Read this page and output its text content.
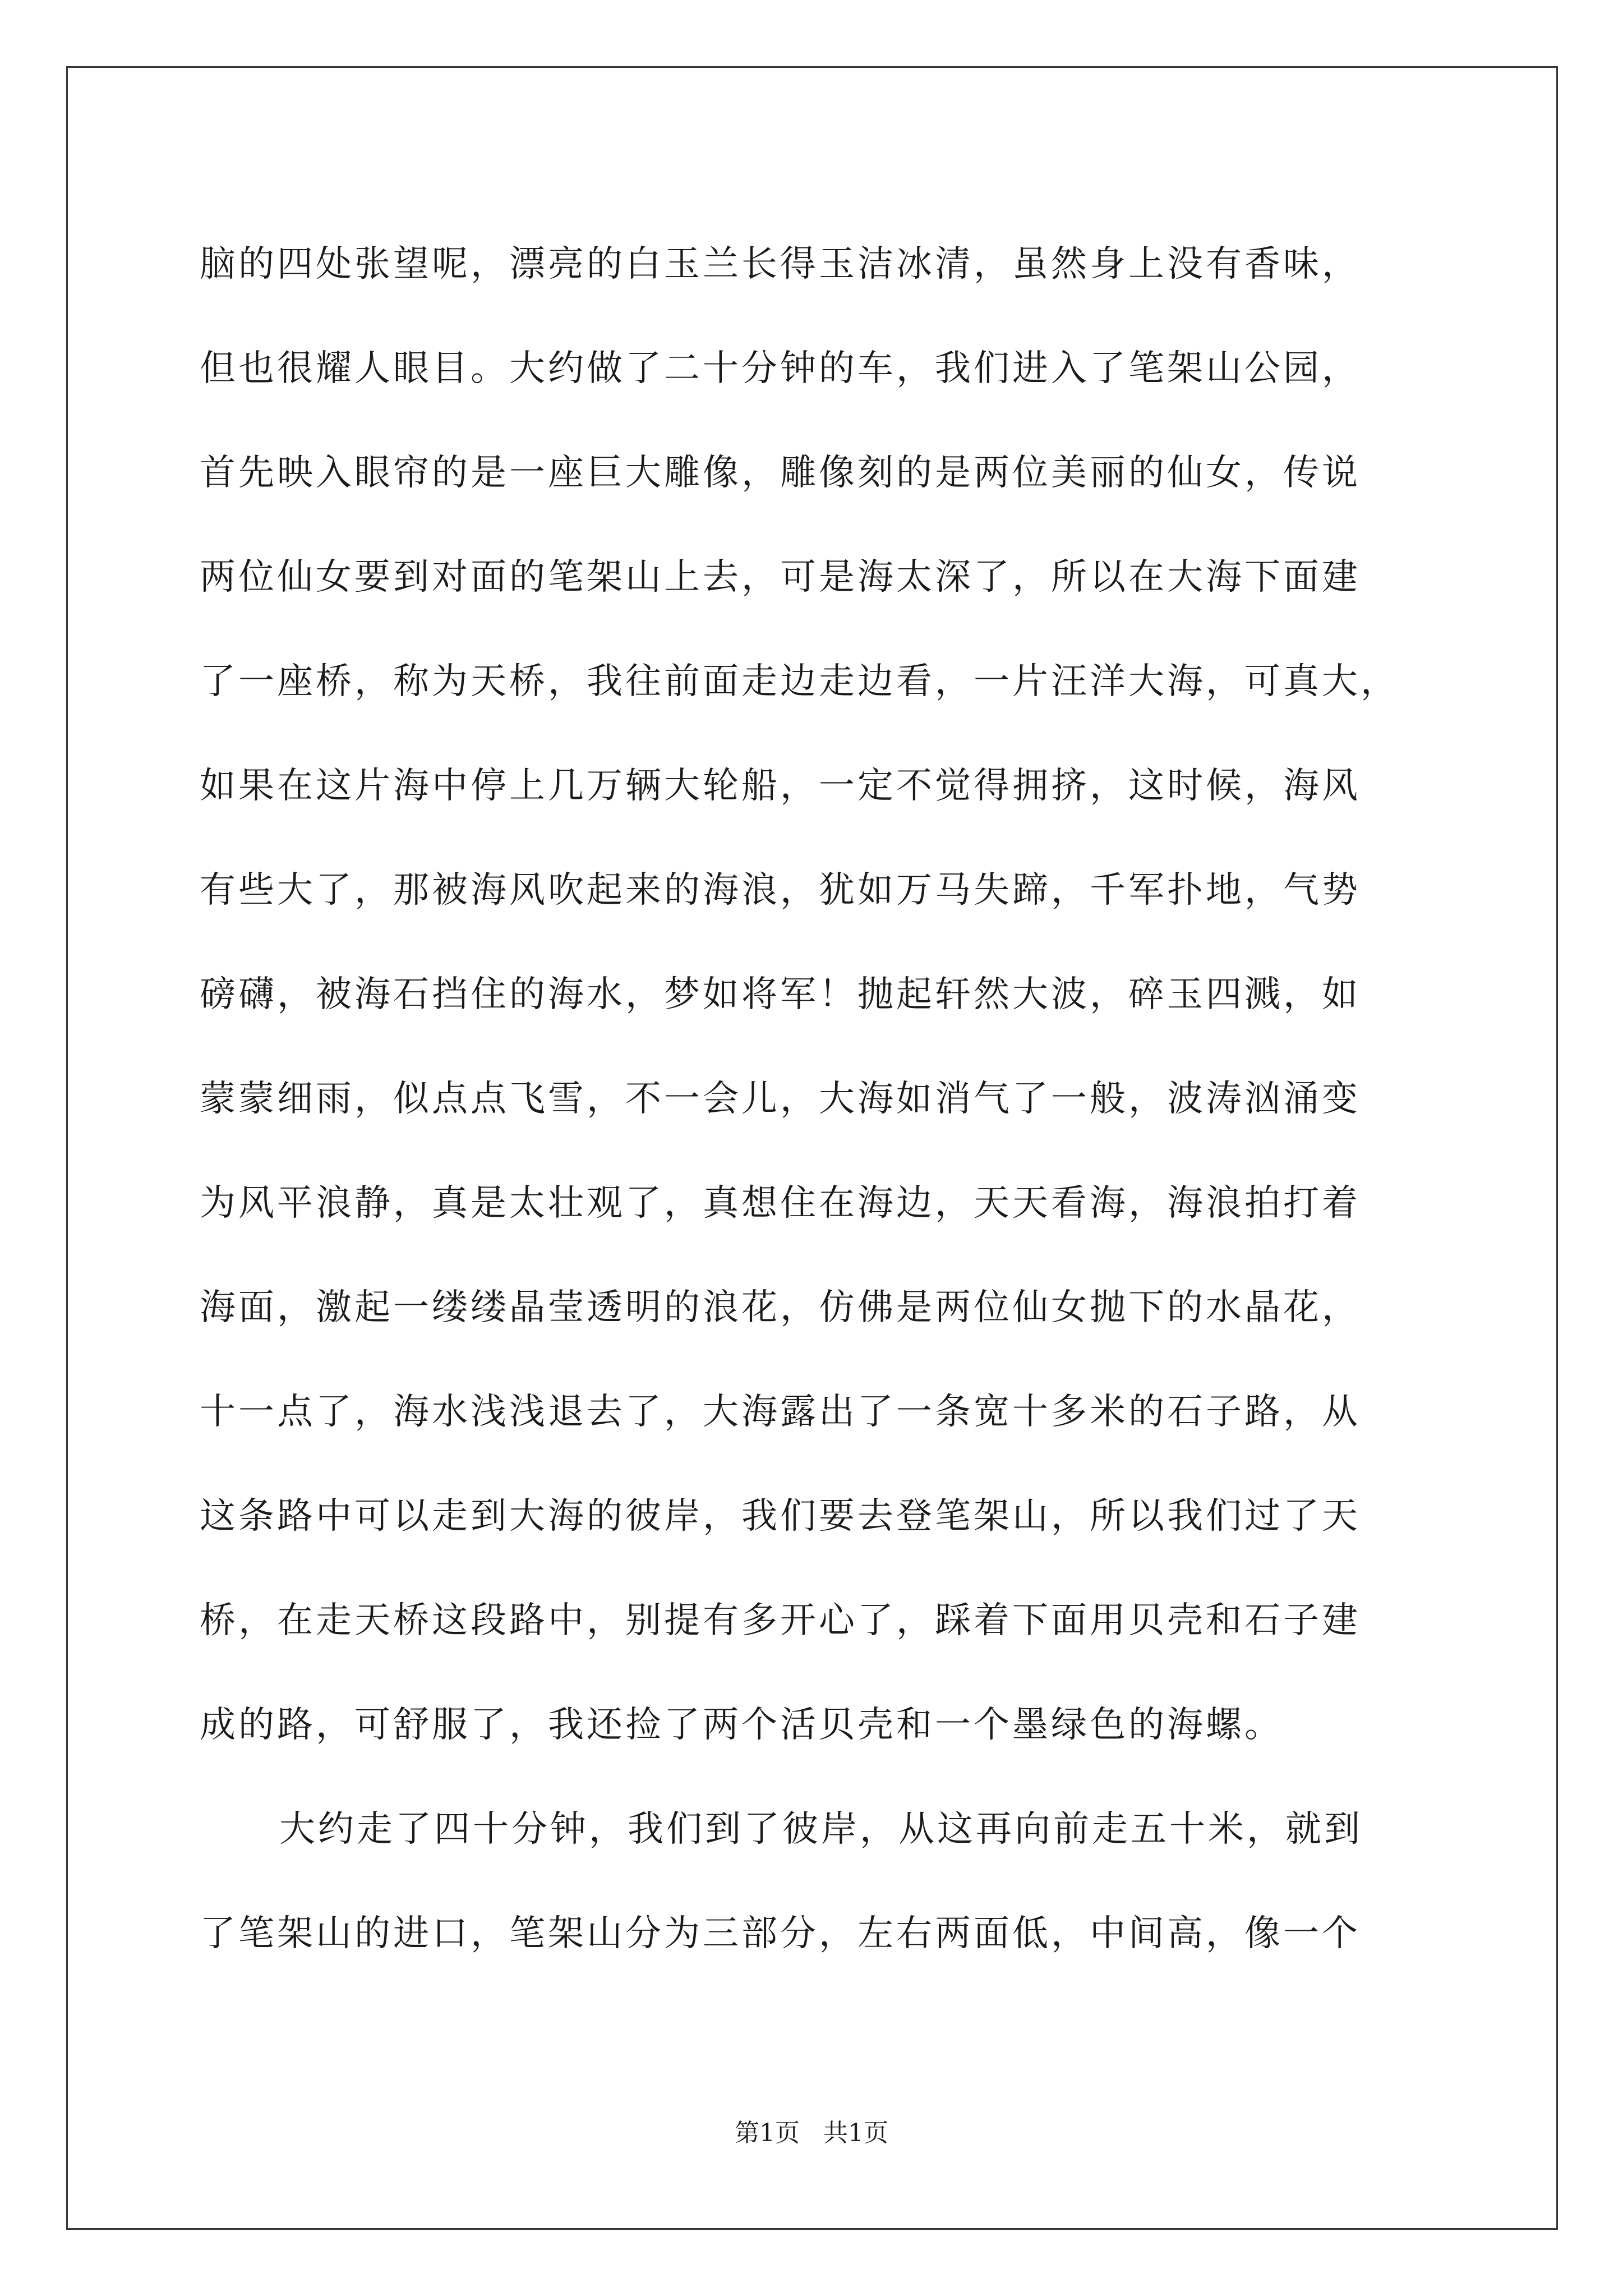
脑的四处张望呢，漂亮的白玉兰长得玉洁冰清，虽然身上没有香味，
但也很耀人眼目。大约做了二十分钟的车，我们进入了笔架山公园，
首先映入眼帘的是一座巨大雕像，雕像刻的是两位美丽的仙女，传说
两位仙女要到对面的笔架山上去，可是海太深了，所以在大海下面建
了一座桥，称为天桥，我往前面走边走边看，一片汪洋大海，可真大，
如果在这片海中停上几万辆大轮船，一定不觉得拥挤，这时候，海风
有些大了，那被海风吹起来的海浪，犹如万马失蹄，千军扑地，气势
磅礴，被海石挡住的海水，梦如将军！抛起轩然大波，碎玉四溅，如
蒙蒙细雨，似点点飞雪，不一会儿，大海如消气了一般，波涛汹涌变
为风平浪静，真是太壮观了，真想住在海边，天天看海，海浪拍打着
海面，激起一缕缕晶莹透明的浪花，仿佛是两位仙女抛下的水晶花，
十一点了，海水浅浅退去了，大海露出了一条宽十多米的石子路，从
这条路中可以走到大海的彼岸，我们要去登笔架山，所以我们过了天
桥，在走天桥这段路中，别提有多开心了，踩着下面用贝壳和石子建
成的路，可舒服了，我还捡了两个活贝壳和一个墨绿色的海螺。
大约走了四十分钟，我们到了彼岸，从这再向前走五十米，就到
了笔架山的进口，笔架山分为三部分，左右两面低，中间高，像一个
第1页   共1页
